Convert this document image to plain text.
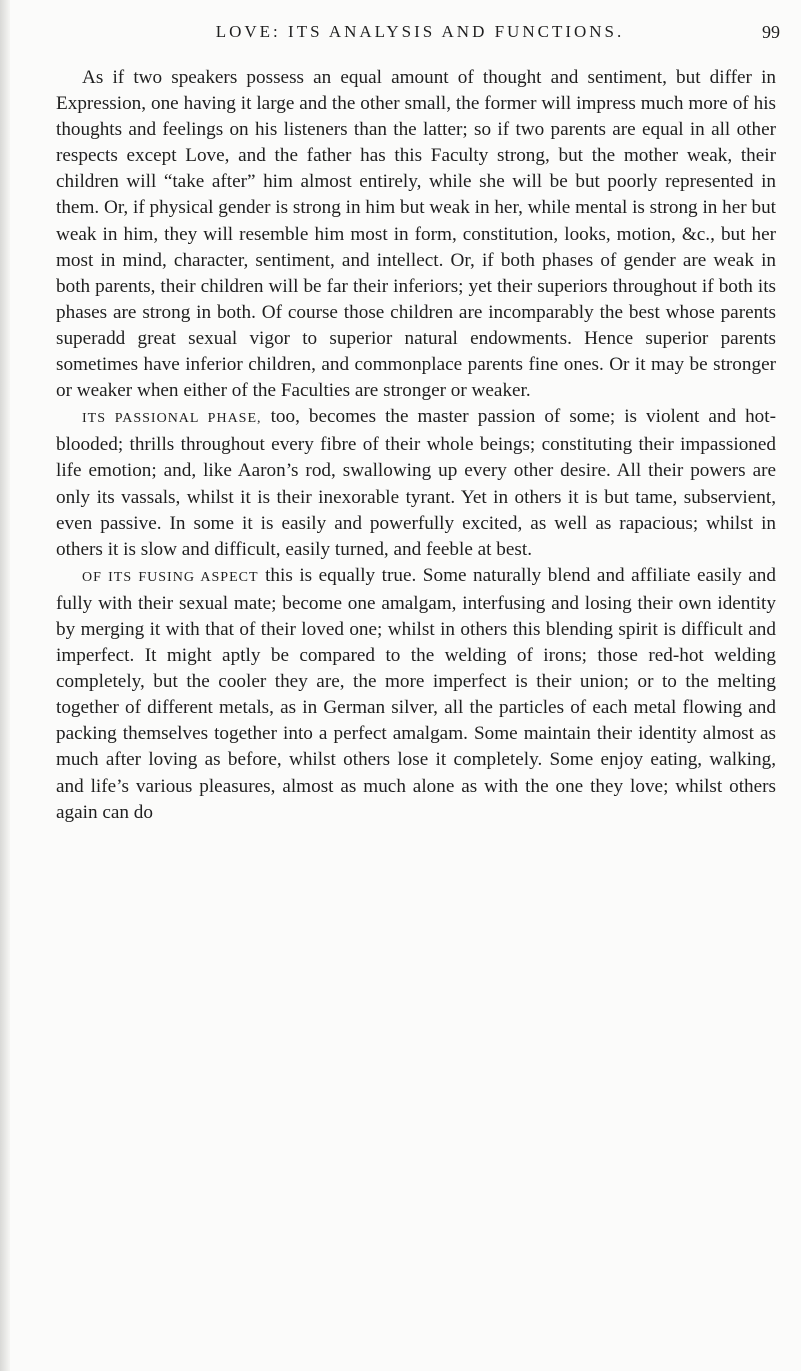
LOVE: ITS ANALYSIS AND FUNCTIONS.	99

As if two speakers possess an equal amount of thought and sentiment, but differ in Expression, one having it large and the other small, the former will impress much more of his thoughts and feelings on his listeners than the latter; so if two parents are equal in all other respects except Love, and the father has this Faculty strong, but the mother weak, their children will “take after” him almost entirely, while she will be but poorly represented in them. Or, if physical gender is strong in him but weak in her, while mental is strong in her but weak in him, they will resemble him most in form, constitution, looks, motion, &c., but her most in mind, character, sentiment, and intellect. Or, if both phases of gender are weak in both parents, their children will be far their inferiors; yet their superiors throughout if both its phases are strong in both. Of course those children are incomparably the best whose parents superadd great sexual vigor to superior natural endowments. Hence superior parents sometimes have inferior children, and commonplace parents fine ones. Or it may be stronger or weaker when either of the Faculties are stronger or weaker.

ITS PASSIONAL PHASE, too, becomes the master passion of some; is violent and hot-blooded; thrills throughout every fibre of their whole beings; constituting their impassioned life emotion; and, like Aaron’s rod, swallowing up every other desire. All their powers are only its vassals, whilst it is their inexorable tyrant. Yet in others it is but tame, subservient, even passive. In some it is easily and powerfully excited, as well as rapacious; whilst in others it is slow and difficult, easily turned, and feeble at best.

OF ITS FUSING ASPECT this is equally true. Some naturally blend and affiliate easily and fully with their sexual mate; become one amalgam, interfusing and losing their own identity by merging it with that of their loved one; whilst in others this blending spirit is difficult and imperfect. It might aptly be compared to the welding of irons; those red-hot welding completely, but the cooler they are, the more imperfect is their union; or to the melting together of different metals, as in German silver, all the particles of each metal flowing and packing themselves together into a perfect amalgam. Some maintain their identity almost as much after loving as before, whilst others lose it completely. Some enjoy eating, walking, and life’s various pleasures, almost as much alone as with the one they love; whilst others again can do
